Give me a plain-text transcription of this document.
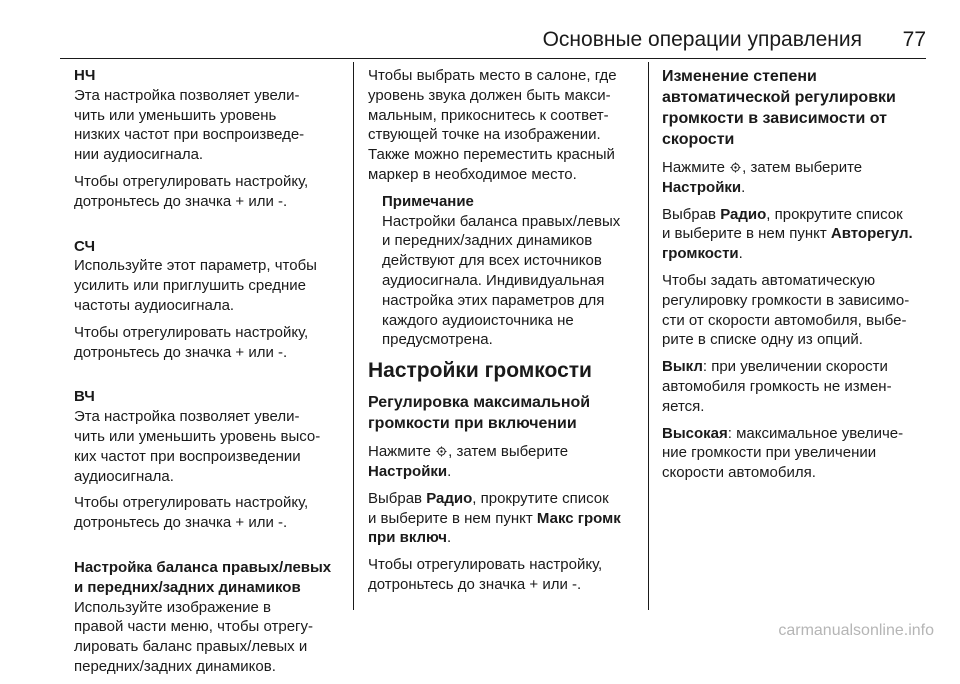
Основные операции управления 77
НЧ

Эта настройка позволяет увели-
чить или уменьшить уровень
низких частот при воспроизведе-
нии аудиосигнала.

Чтобы отрегулировать настройку,
дотроньтесь до значка + или -.

СЧ

Используйте этот параметр, чтобы
усилить или приглушить средние
частоты аудиосигнала.

Чтобы отрегулировать настройку,
дотроньтесь до значка + или -.

ВЧ

Эта настройка позволяет увели-
чить или уменьшить уровень высо-
ких частот при воспроизведении
аудиосигнала.

Чтобы отрегулировать настройку,
дотроньтесь до значка + или -.

Настройка баланса правых/левых
и передних/задних динамиков

Используйте изображение в
правой части меню, чтобы отрегу-
лировать баланс правых/левых и
передних/задних динамиков.

Чтобы выбрать место в салоне, где
уровень звука должен быть макси-
мальным, прикоснитесь к соответ-
ствующей точке на изображении.
Также можно переместить красный
маркер в необходимое место.

Примечание

Настройки баланса правых/левых
и передних/задних динамиков
действуют для всех источников
аудиосигнала. Индивидуальная
настройка этих параметров для
каждого аудиоисточника не
предусмотрена.

Настройки громкости
Регулировка максимальной
громкости при включении

Нажмите , затем выберите
Настройки.

Выбрав Радио, прокрутите список
и выберите в нем пункт Макс громк
при включ.

Чтобы отрегулировать настройку,
дотроньтесь до значка + или -.

Изменение степени
автоматической регулировки
громкости в зависимости от
скорости

Нажмите , затем выберите
Настройки.

Выбрав Радио, прокрутите список
и выберите в нем пункт Авторегул.
громкости.

Чтобы задать автоматическую
регулировку громкости в зависимо-
сти от скорости автомобиля, выбе-
рите в списке одну из опций.

Выкл: при увеличении скорости
автомобиля громкость не измен-
яется.

Высокая: максимальное увеличе-
ние громкости при увеличении
скорости автомобиля.

carmanualsonline.info
